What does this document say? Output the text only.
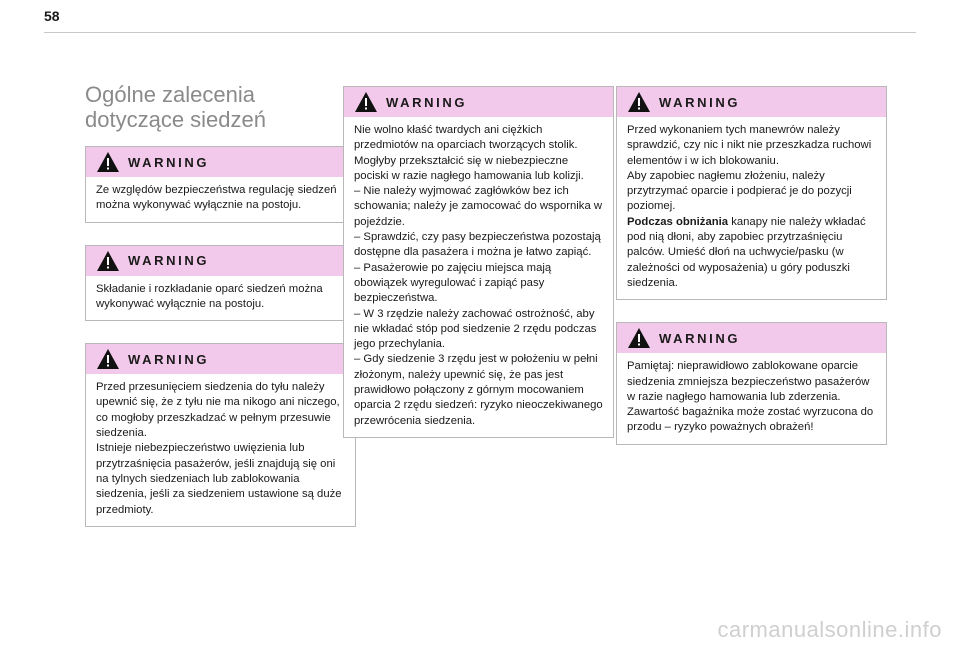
58
Ogólne zalecenia dotyczące siedzeń
WARNING

Ze względów bezpieczeństwa regulację siedzeń można wykonywać wyłącznie na postoju.

WARNING

Składanie i rozkładanie oparć siedzeń można wykonywać wyłącznie na postoju.

WARNING

Przed przesunięciem siedzenia do tyłu należy upewnić się, że z tyłu nie ma nikogo ani niczego, co mogłoby przeszkadzać w pełnym przesuwie siedzenia.

Istnieje niebezpieczeństwo uwięzienia lub przytrzaśnięcia pasażerów, jeśli znajdują się oni na tylnych siedzeniach lub zablokowania siedzenia, jeśli za siedzeniem ustawione są duże przedmioty.

WARNING

Nie wolno kłaść twardych ani ciężkich przedmiotów na oparciach tworzących stolik. Mogłyby przekształcić się w niebezpieczne pociski w razie nagłego hamowania lub kolizji.

– Nie należy wyjmować zagłówków bez ich schowania; należy je zamocować do wspornika w pojeździe.

– Sprawdzić, czy pasy bezpieczeństwa pozostają dostępne dla pasażera i można je łatwo zapiąć.

– Pasażerowie po zajęciu miejsca mają obowiązek wyregulować i zapiąć pasy bezpieczeństwa.

– W 3 rzędzie należy zachować ostrożność, aby nie wkładać stóp pod siedzenie 2 rzędu podczas jego przechylania.

– Gdy siedzenie 3 rzędu jest w położeniu w pełni złożonym, należy upewnić się, że pas jest prawidłowo połączony z górnym mocowaniem oparcia 2 rzędu siedzeń: ryzyko nieoczekiwanego przewrócenia siedzenia.

WARNING

Przed wykonaniem tych manewrów należy sprawdzić, czy nic i nikt nie przeszkadza ruchowi elementów i w ich blokowaniu.

Aby zapobiec nagłemu złożeniu, należy przytrzymać oparcie i podpierać je do pozycji poziomej.

Podczas obniżania kanapy nie należy wkładać pod nią dłoni, aby zapobiec przytrzaśnięciu palców. Umieść dłoń na uchwycie/pasku (w zależności od wyposażenia) u góry poduszki siedzenia.

WARNING

Pamiętaj: nieprawidłowo zablokowane oparcie siedzenia zmniejsza bezpieczeństwo pasażerów w razie nagłego hamowania lub zderzenia.

Zawartość bagażnika może zostać wyrzucona do przodu – ryzyko poważnych obrażeń!

carmanualsonline.info
